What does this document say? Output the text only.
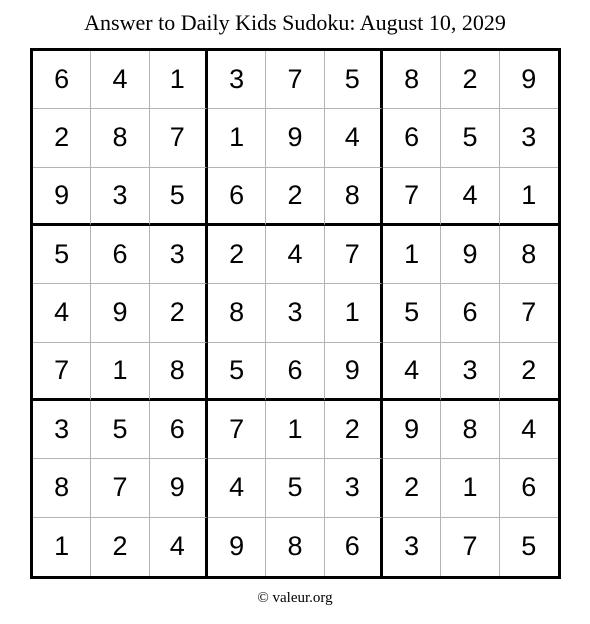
Answer to Daily Kids Sudoku: August 10, 2029
6	4	1	3	7	5	8	2	9
2	8	7	1	9	4	6	5	3
9	3	5	6	2	8	7	4	1
5	6	3	2	4	7	1	9	8
4	9	2	8	3	1	5	6	7
7	1	8	5	6	9	4	3	2
3	5	6	7	1	2	9	8	4
8	7	9	4	5	3	2	1	6
1	2	4	9	8	6	3	7	5
© valeur.org
